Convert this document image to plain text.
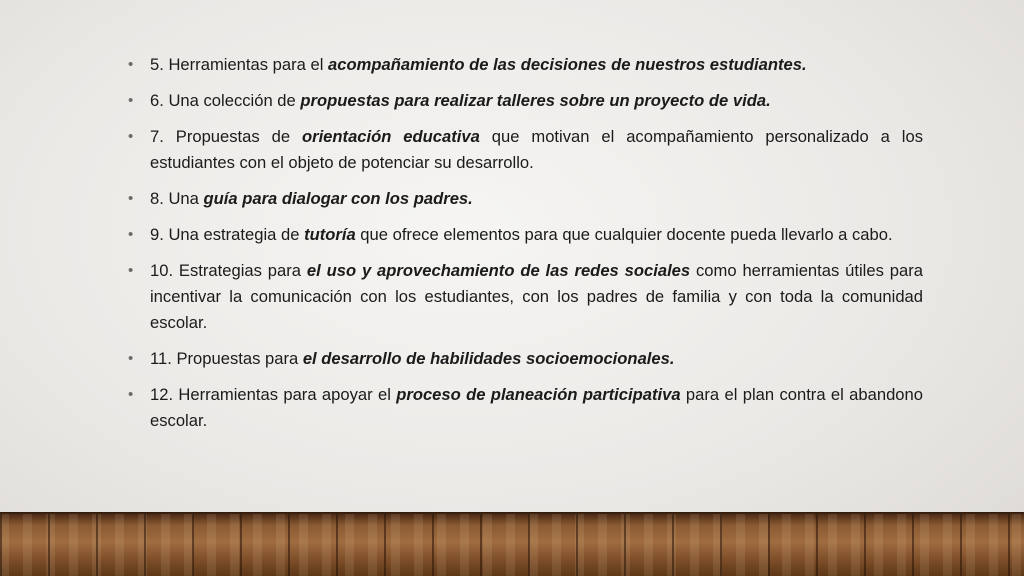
•	5. Herramientas para el acompañamiento de las decisiones de nuestros estudiantes.
•	6. Una colección de propuestas para realizar talleres sobre un proyecto de vida.
•	7. Propuestas de orientación educativa que motivan el acompañamiento personalizado a los estudiantes con el objeto de potenciar su desarrollo.
•	8. Una guía para dialogar con los padres.
•	9. Una estrategia de tutoría que ofrece elementos para que cualquier docente pueda llevarlo a cabo.
•	10. Estrategias para el uso y aprovechamiento de las redes sociales como herramientas útiles para incentivar la comunicación con los estudiantes, con los padres de familia y con toda la comunidad escolar.
•	11. Propuestas para el desarrollo de habilidades socioemocionales.
•	12. Herramientas para apoyar el proceso de planeación participativa para el plan contra el abandono escolar.
